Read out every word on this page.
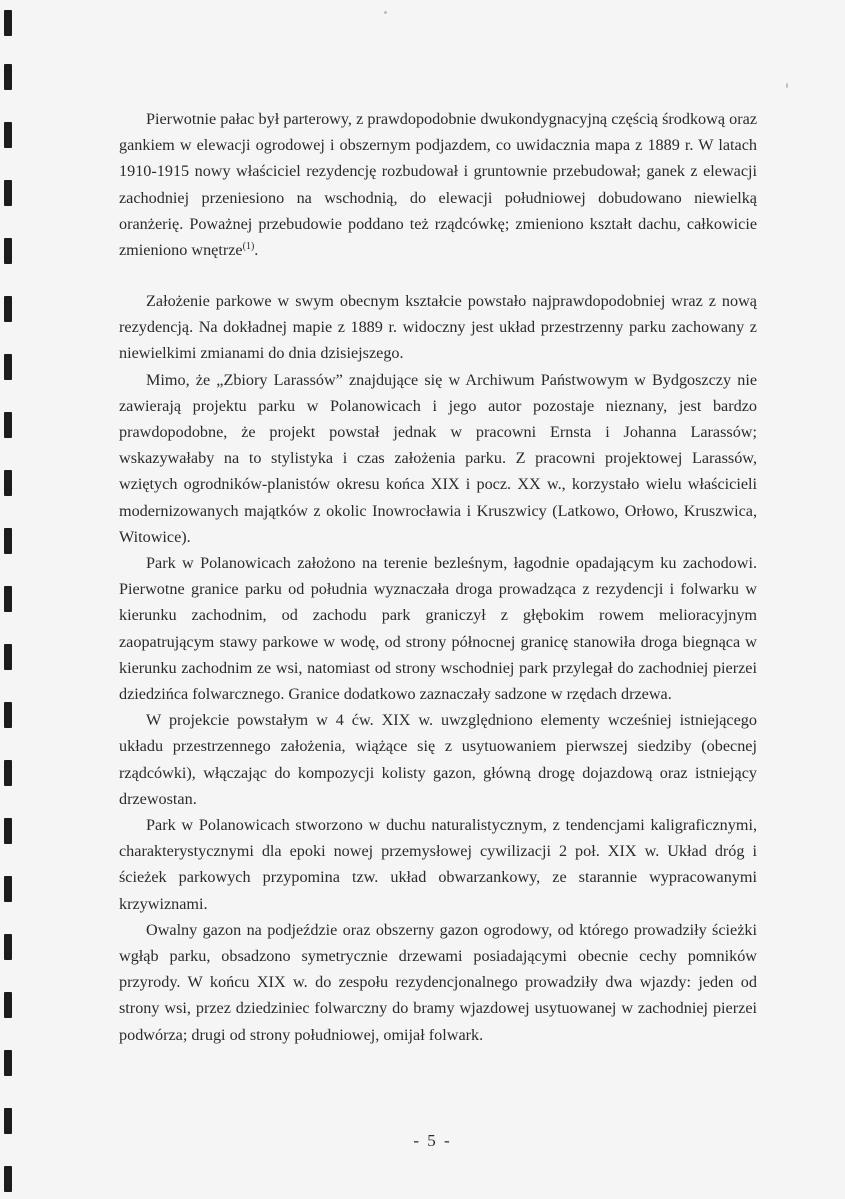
Pierwotnie pałac był parterowy, z prawdopodobnie dwukondygnacyjną częścią środkową oraz gankiem w elewacji ogrodowej i obszernym podjazdem, co uwidacznia mapa z 1889 r. W latach 1910-1915 nowy właściciel rezydencję rozbudował i gruntownie przebudował; ganek z elewacji zachodniej przeniesiono na wschodnią, do elewacji południowej dobudowano niewielką oranżerię. Poważnej przebudowie poddano też rządcówkę; zmieniono kształt dachu, całkowicie zmieniono wnętrze$^{(1)}$.

Założenie parkowe w swym obecnym kształcie powstało najprawdopodobniej wraz z nową rezydencją. Na dokładnej mapie z 1889 r. widoczny jest układ przestrzenny parku zachowany z niewielkimi zmianami do dnia dzisiejszego.

Mimo, że „Zbiory Larassów” znajdujące się w Archiwum Państwowym w Bydgoszczy nie zawierają projektu parku w Polanowicach i jego autor pozostaje nieznany, jest bardzo prawdopodobne, że projekt powstał jednak w pracowni Ernsta i Johanna Larassów; wskazywałaby na to stylistyka i czas założenia parku. Z pracowni projektowej Larassów, wziętych ogrodników-planistów okresu końca XIX i pocz. XX w., korzystało wielu właścicieli modernizowanych majątków z okolic Inowrocławia i Kruszwicy (Latkowo, Orłowo, Kruszwica, Witowice).

Park w Polanowicach założono na terenie bezleśnym, łagodnie opadającym ku zachodowi. Pierwotne granice parku od południa wyznaczała droga prowadząca z rezydencji i folwarku w kierunku zachodnim, od zachodu park graniczył z głębokim rowem melioracyjnym zaopatrującym stawy parkowe w wodę, od strony północnej granicę stanowiła droga biegnąca w kierunku zachodnim ze wsi, natomiast od strony wschodniej park przylegał do zachodniej pierzei dziedzińca folwarcznego. Granice dodatkowo zaznaczały sadzone w rzędach drzewa.

W projekcie powstałym w 4 ćw. XIX w. uwzględniono elementy wcześniej istniejącego układu przestrzennego założenia, wiążące się z usytuowaniem pierwszej siedziby (obecnej rządcówki), włączając do kompozycji kolisty gazon, główną drogę dojazdową oraz istniejący drzewostan.

Park w Polanowicach stworzono w duchu naturalistycznym, z tendencjami kaligraficznymi, charakterystycznymi dla epoki nowej przemysłowej cywilizacji 2 poł. XIX w. Układ dróg i ścieżek parkowych przypomina tzw. układ obwarzankowy, ze starannie wypracowanymi krzywiznami.

Owalny gazon na podjeździe oraz obszerny gazon ogrodowy, od którego prowadziły ścieżki wgłąb parku, obsadzono symetrycznie drzewami posiadającymi obecnie cechy pomników przyrody. W końcu XIX w. do zespołu rezydencjonalnego prowadziły dwa wjazdy: jeden od strony wsi, przez dziedziniec folwarczny do bramy wjazdowej usytuowanej w zachodniej pierzei podwórza; drugi od strony południowej, omijał folwark.

- 5 -
